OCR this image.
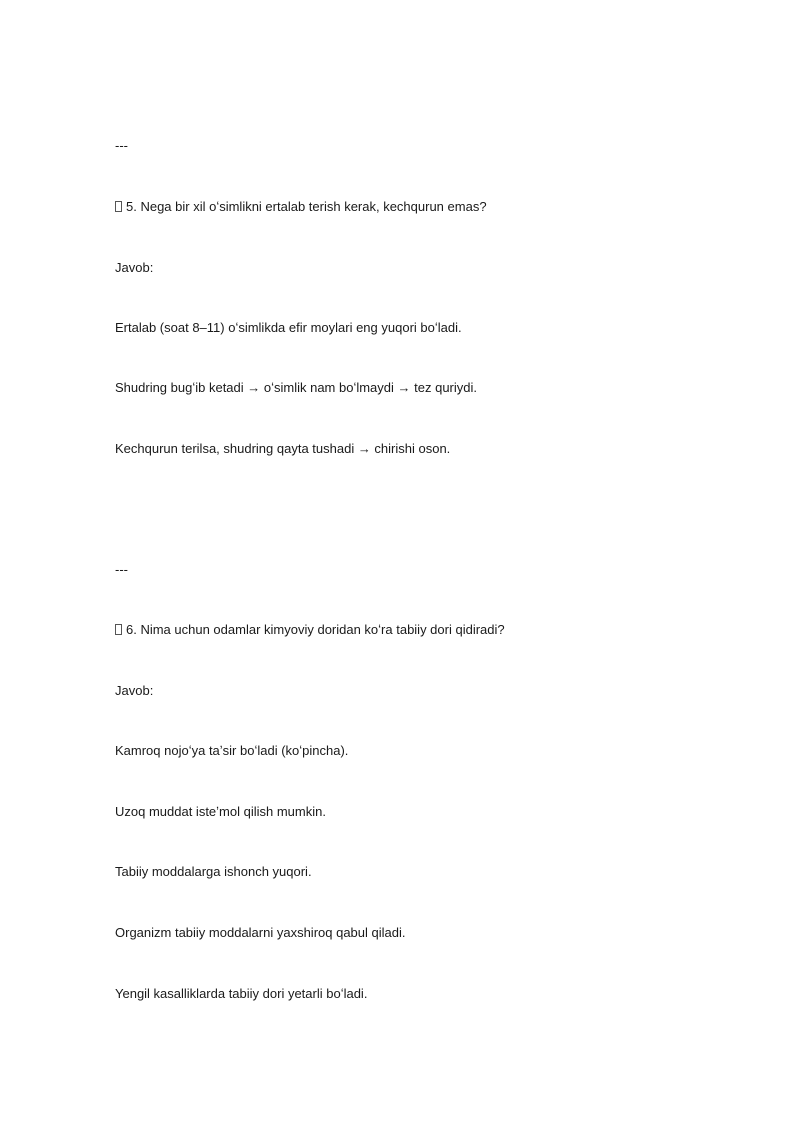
---
5. Nega bir xil oʻsimlikni ertalab terish kerak, kechqurun emas?
Javob:
Ertalab (soat 8–11) oʻsimlikda efir moylari eng yuqori boʻladi.
Shudring bugʻib ketadi → oʻsimlik nam boʻlmaydi → tez quriydi.
Kechqurun terilsa, shudring qayta tushadi → chirishi oson.
---
6. Nima uchun odamlar kimyoviy doridan koʻra tabiiy dori qidiradi?
Javob:
Kamroq nojoʻya taʼsir boʻladi (koʻpincha).
Uzoq muddat isteʼmol qilish mumkin.
Tabiiy moddalarga ishonch yuqori.
Organizm tabiiy moddalarni yaxshiroq qabul qiladi.
Yengil kasalliklarda tabiiy dori yetarli boʻladi.
